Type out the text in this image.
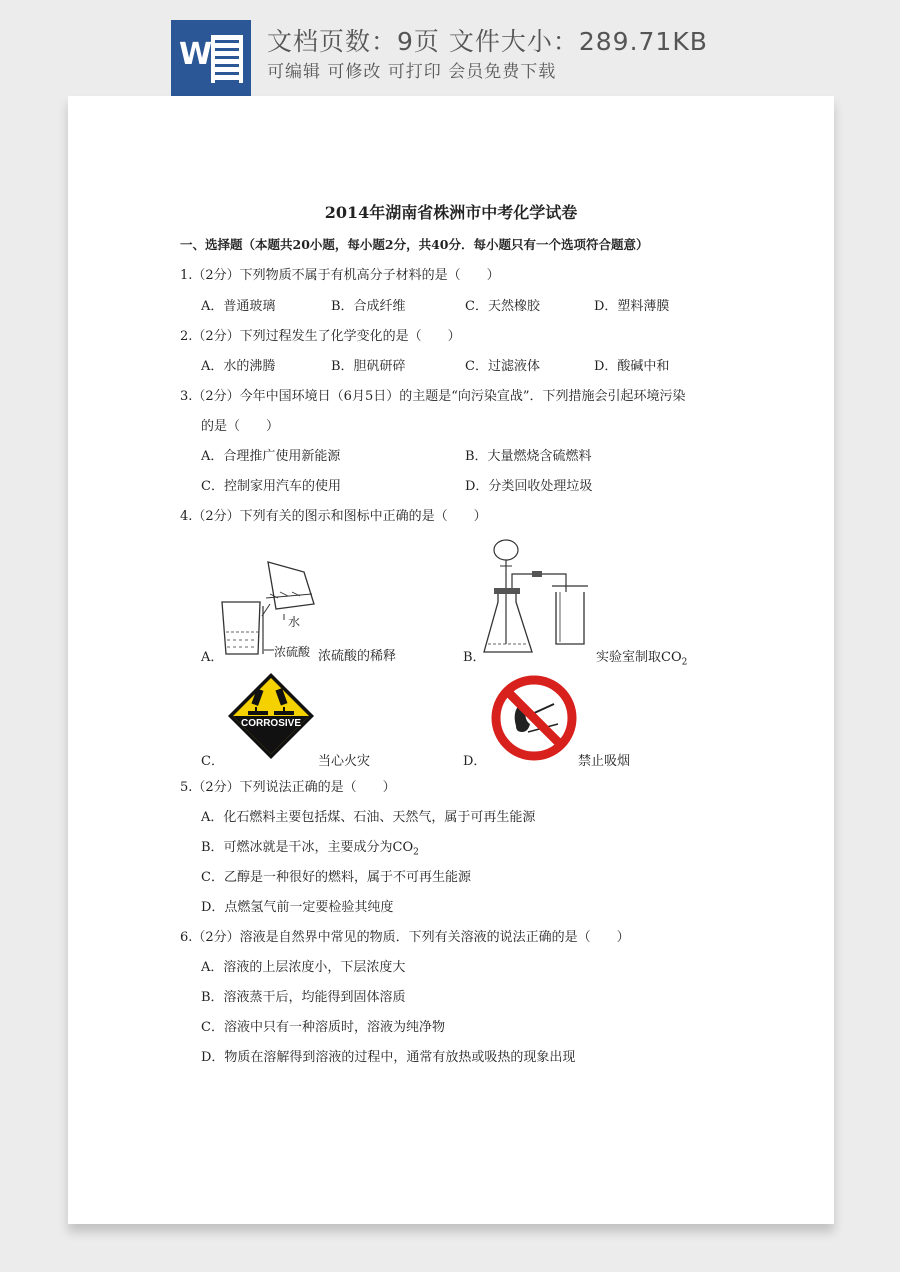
W 文档页数：9页 文件大小：289.71KB
可编辑 可修改 可打印 会员免费下载
2014年湖南省株洲市中考化学试卷
一、选择题（本题共20小题，每小题2分，共40分．每小题只有一个选项符合题意）
1.（2分）下列物质不属于有机高分子材料的是（　　）
A．普通玻璃	B．合成纤维	C．天然橡胶	D．塑料薄膜
2.（2分）下列过程发生了化学变化的是（　　）
A．水的沸腾	B．胆矾研碎	C．过滤液体	D．酸碱中和
3.（2分）今年中国环境日（6月5日）的主题是“向污染宣战”．下列措施会引起环境污染
的是（　　）
A．合理推广使用新能源	B．大量燃烧含硫燃料
C．控制家用汽车的使用	D．分类回收处理垃圾
4.（2分）下列有关的图示和图标中正确的是（　　）
水
浓硫酸
A．	浓硫酸的稀释	B．	实验室制取$CO_2$
CORROSIVE
C．	当心火灾	D．	禁止吸烟
5.（2分）下列说法正确的是（　　）
A．化石燃料主要包括煤、石油、天然气，属于可再生能源
B．可燃冰就是干冰，主要成分为$CO_2$
C．乙醇是一种很好的燃料，属于不可再生能源
D．点燃氢气前一定要检验其纯度
6.（2分）溶液是自然界中常见的物质．下列有关溶液的说法正确的是（　　）
A．溶液的上层浓度小，下层浓度大
B．溶液蒸干后，均能得到固体溶质
C．溶液中只有一种溶质时，溶液为纯净物
D．物质在溶解得到溶液的过程中，通常有放热或吸热的现象出现
